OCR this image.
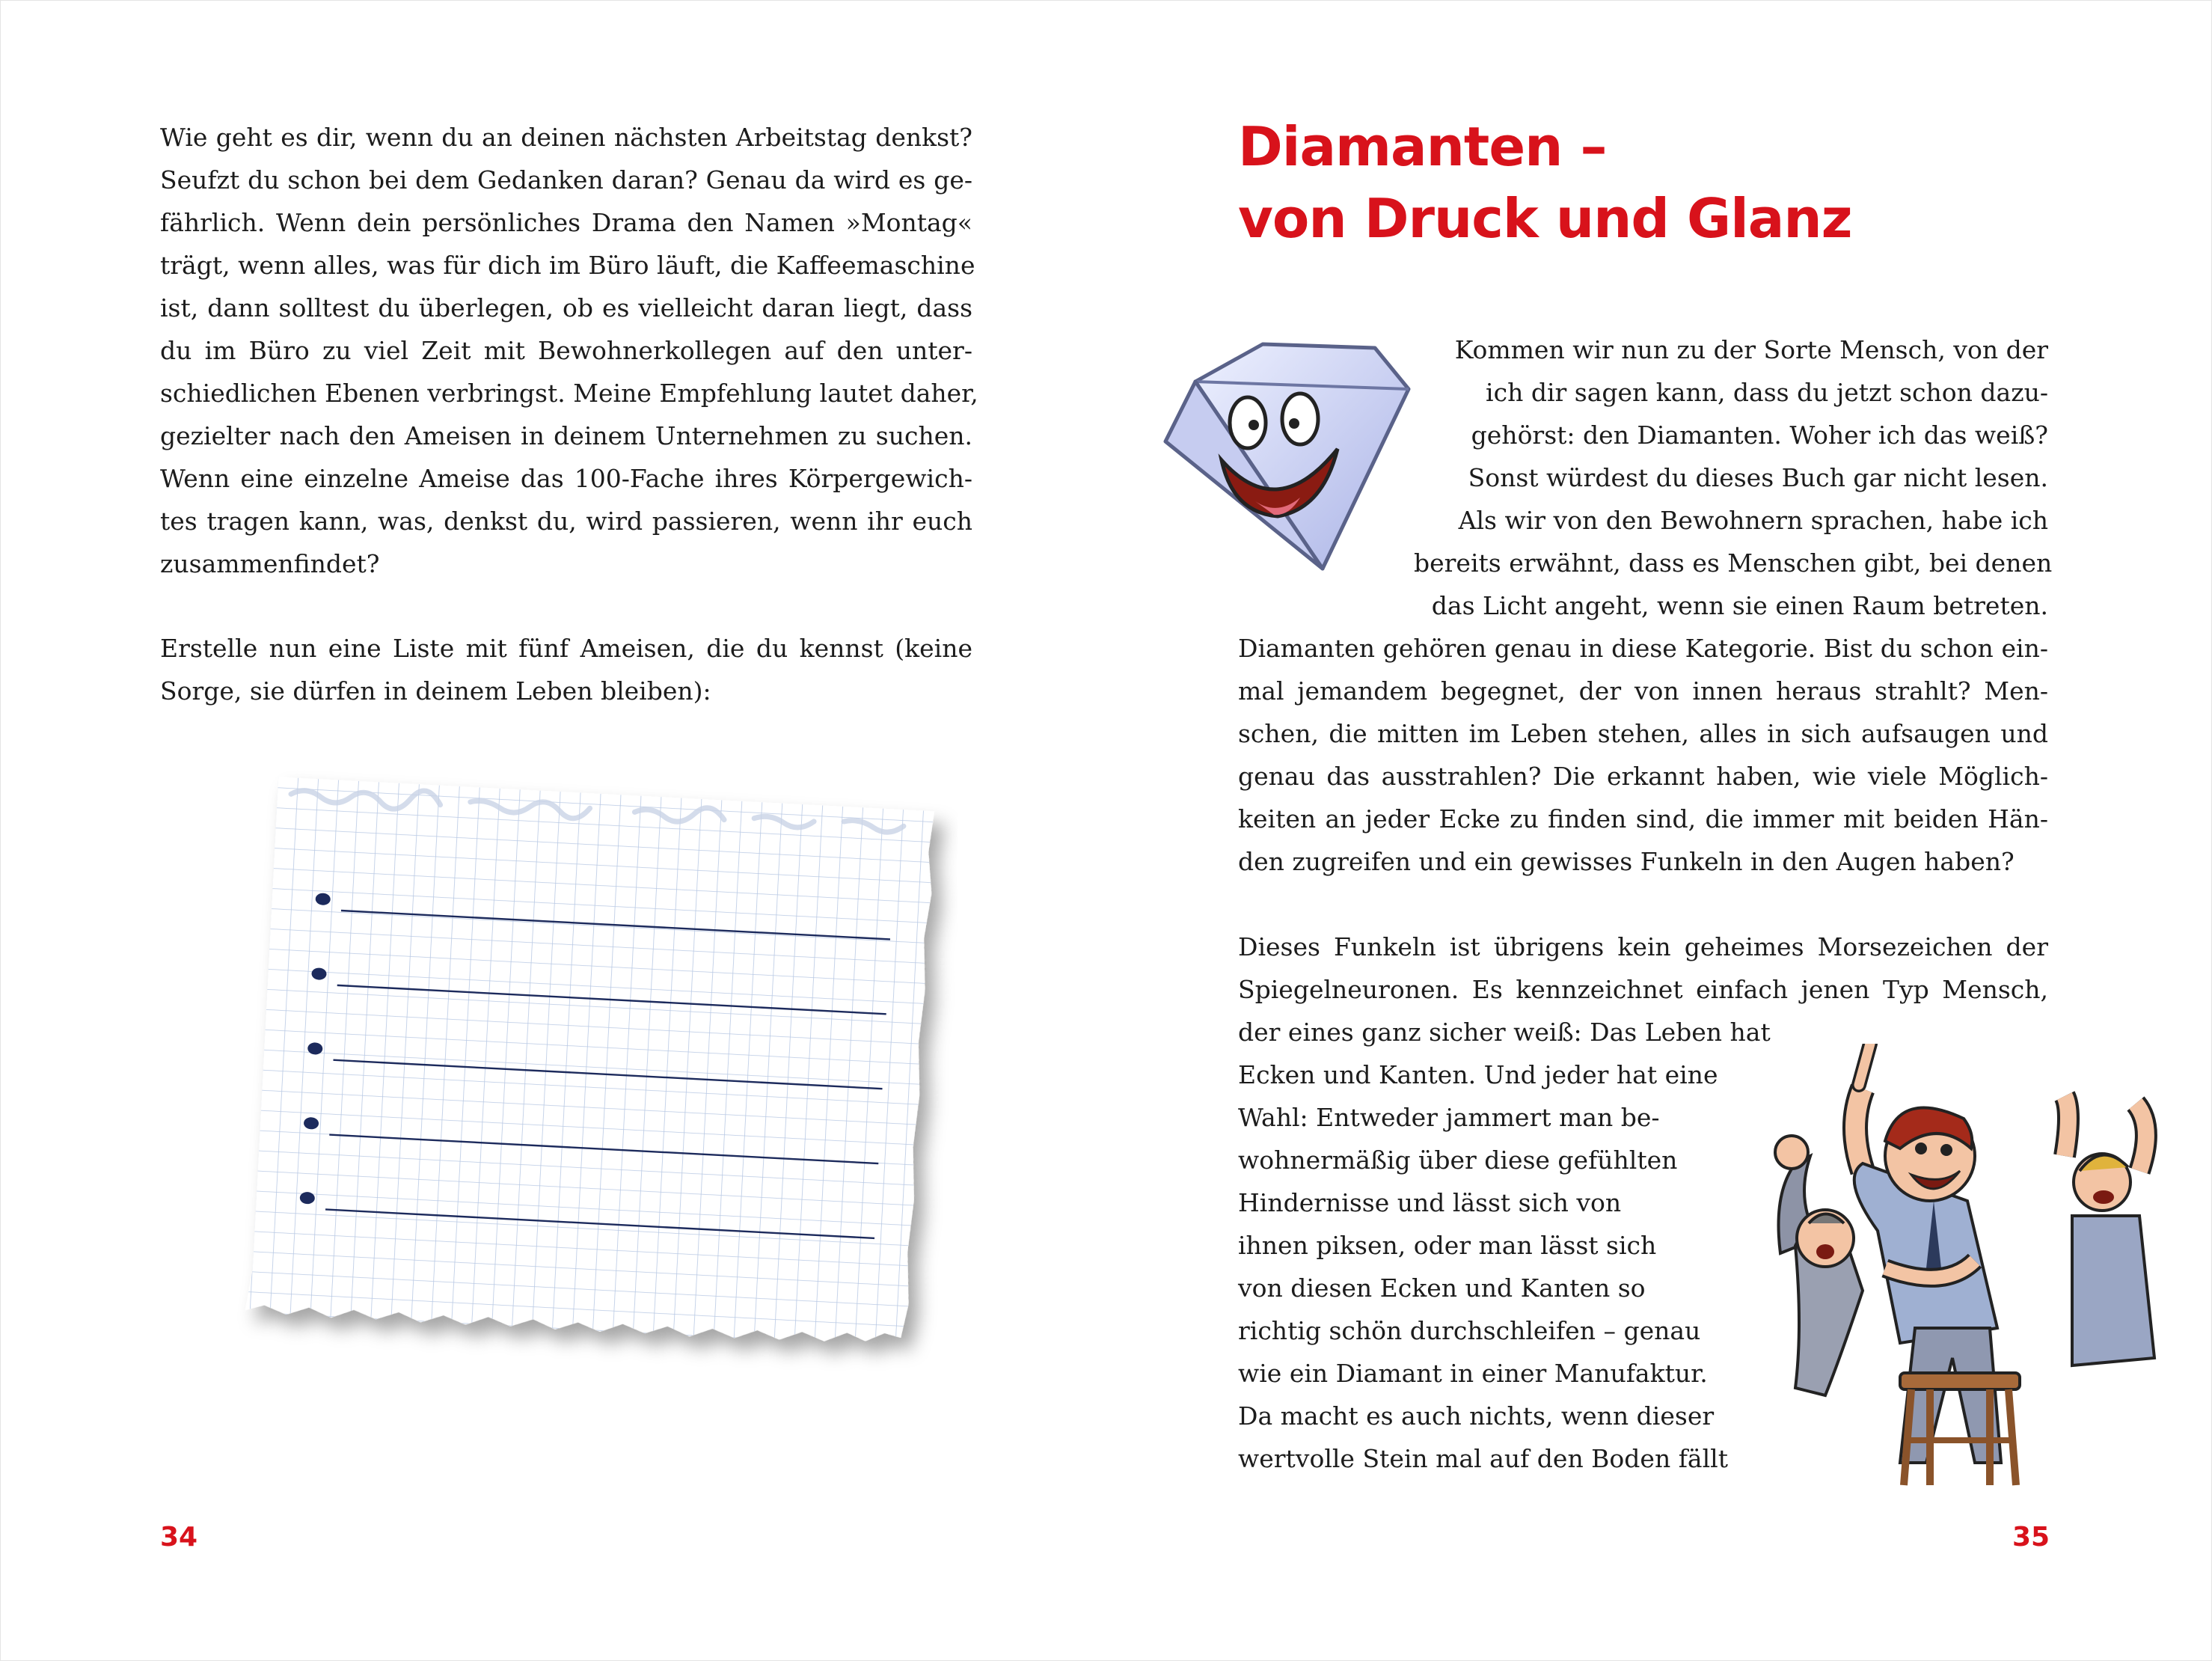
Wie geht es dir, wenn du an deinen nächsten Arbeitstag denkst?
Seufzt du schon bei dem Gedanken daran? Genau da wird es ge-
fährlich. Wenn dein persönliches Drama den Namen »Montag«
trägt, wenn alles, was für dich im Büro läuft, die Kaffeemaschine
ist, dann solltest du überlegen, ob es vielleicht daran liegt, dass
du im Büro zu viel Zeit mit Bewohnerkollegen auf den unter-
schiedlichen Ebenen verbringst. Meine Empfehlung lautet daher,
gezielter nach den Ameisen in deinem Unternehmen zu suchen.
Wenn eine einzelne Ameise das 100-Fache ihres Körpergewich-
tes tragen kann, was, denkst du, wird passieren, wenn ihr euch
zusammenfindet?
Erstelle nun eine Liste mit fünf Ameisen, die du kennst (keine
Sorge, sie dürfen in deinem Leben bleiben):
34
Diamanten –
von Druck und Glanz
Kommen wir nun zu der Sorte Mensch, von der
ich dir sagen kann, dass du jetzt schon dazu-
gehörst: den Diamanten. Woher ich das weiß?
Sonst würdest du dieses Buch gar nicht lesen.
Als wir von den Bewohnern sprachen, habe ich
bereits erwähnt, dass es Menschen gibt, bei denen
das Licht angeht, wenn sie einen Raum betreten.
Diamanten gehören genau in diese Kategorie. Bist du schon ein-
mal jemandem begegnet, der von innen heraus strahlt? Men-
schen, die mitten im Leben stehen, alles in sich aufsaugen und
genau das ausstrahlen? Die erkannt haben, wie viele Möglich-
keiten an jeder Ecke zu finden sind, die immer mit beiden Hän-
den zugreifen und ein gewisses Funkeln in den Augen haben?
Dieses Funkeln ist übrigens kein geheimes Morsezeichen der
Spiegelneuronen. Es kennzeichnet einfach jenen Typ Mensch,
der eines ganz sicher weiß: Das Leben hat
Ecken und Kanten. Und jeder hat eine
Wahl: Entweder jammert man be-
wohnermäßig über diese gefühlten
Hindernisse und lässt sich von
ihnen piksen, oder man lässt sich
von diesen Ecken und Kanten so
richtig schön durchschleifen – genau
wie ein Diamant in einer Manufaktur.
Da macht es auch nichts, wenn dieser
wertvolle Stein mal auf den Boden fällt
35
